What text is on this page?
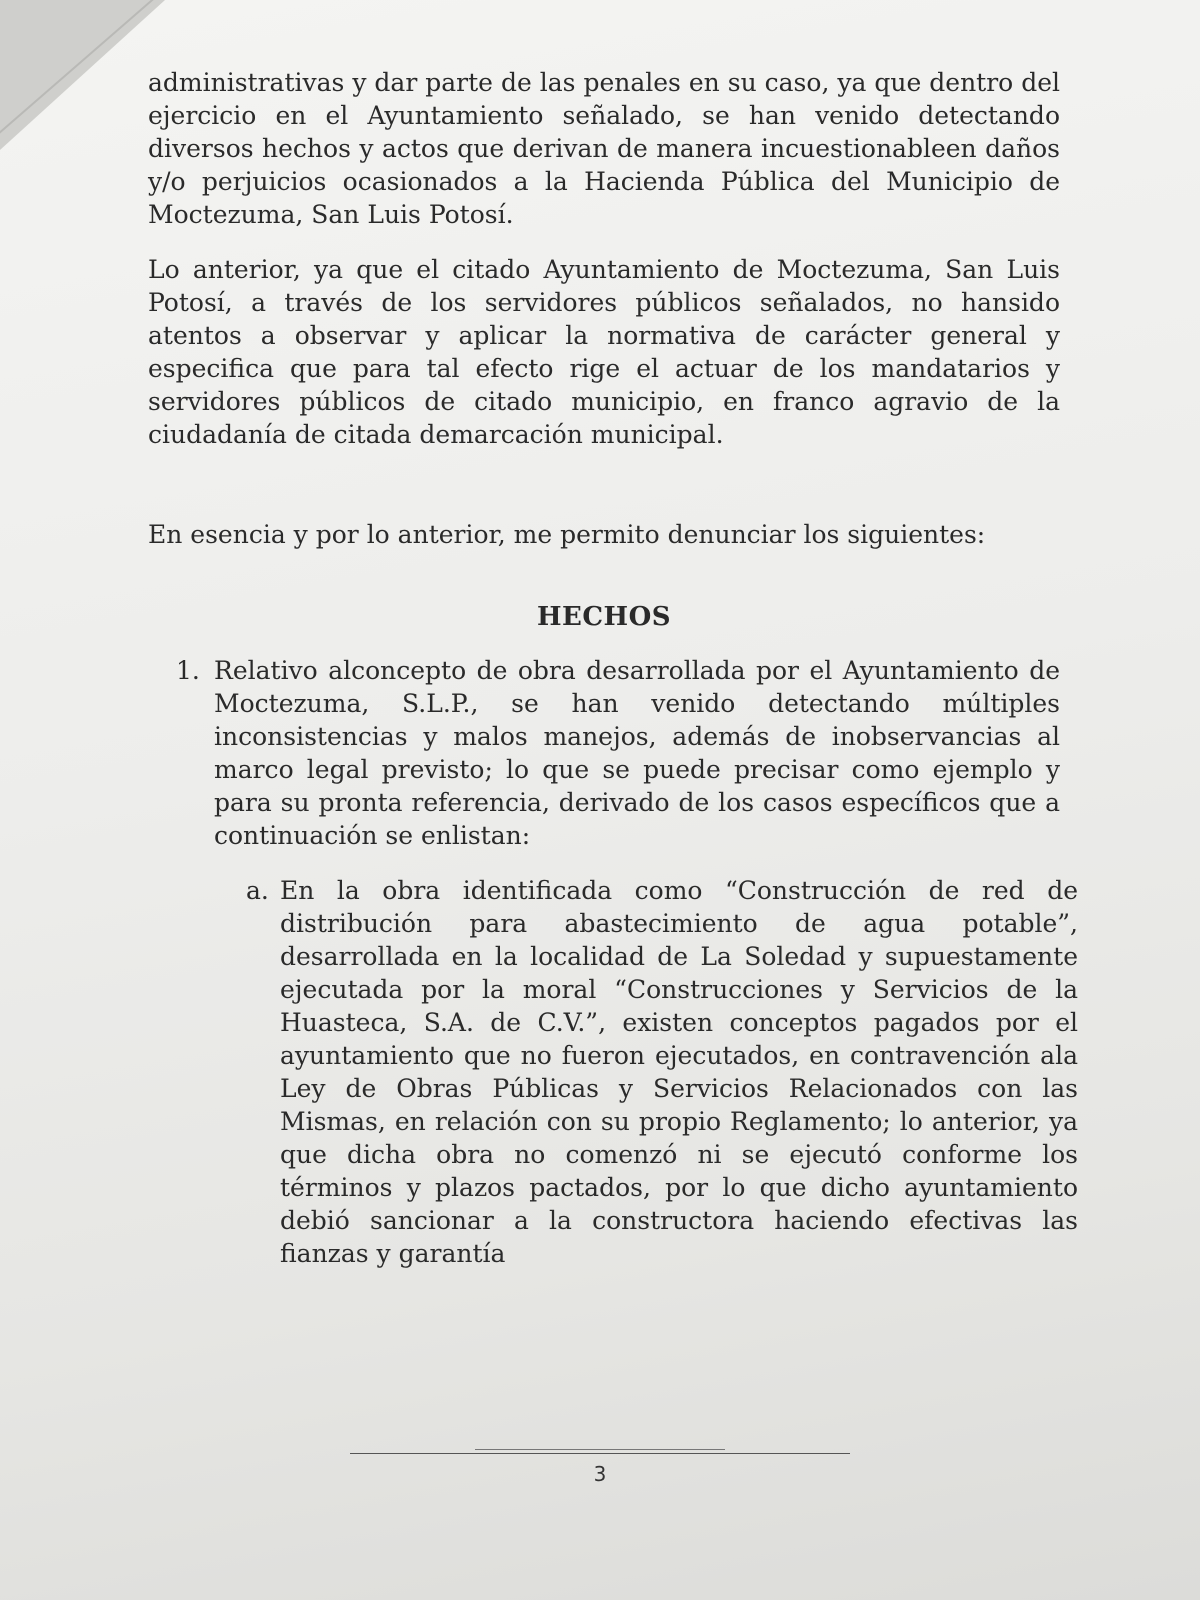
administrativas y dar parte de las penales en su caso, ya que dentro del ejercicio en el Ayuntamiento señalado, se han venido detectando diversos hechos y actos que derivan de manera incuestionableen daños y/o perjuicios ocasionados a la Hacienda Pública del Municipio de Moctezuma, San Luis Potosí.

Lo anterior, ya que el citado Ayuntamiento de Moctezuma, San Luis Potosí, a través de los servidores públicos señalados, no hansido atentos a observar y aplicar la normativa de carácter general y especifica que para tal efecto rige el actuar de los mandatarios y servidores públicos de citado municipio, en franco agravio de la ciudadanía de citada demarcación municipal.

En esencia y por lo anterior, me permito denunciar los siguientes:

HECHOS
1. Relativo alconcepto de obra desarrollada por el Ayuntamiento de Moctezuma, S.L.P., se han venido detectando múltiples inconsistencias y malos manejos, además de inobservancias al marco legal previsto; lo que se puede precisar como ejemplo y para su pronta referencia, derivado de los casos específicos que a continuación se enlistan:

a. En la obra identificada como “Construcción de red de distribución para abastecimiento de agua potable”, desarrollada en la localidad de La Soledad y supuestamente ejecutada por la moral “Construcciones y Servicios de la Huasteca, S.A. de C.V.”, existen conceptos pagados por el ayuntamiento que no fueron ejecutados, en contravención ala Ley de Obras Públicas y Servicios Relacionados con las Mismas, en relación con su propio Reglamento; lo anterior, ya que dicha obra no comenzó ni se ejecutó conforme los términos y plazos pactados, por lo que dicho ayuntamiento debió sancionar a la constructora haciendo efectivas las fianzas y garantía

3
